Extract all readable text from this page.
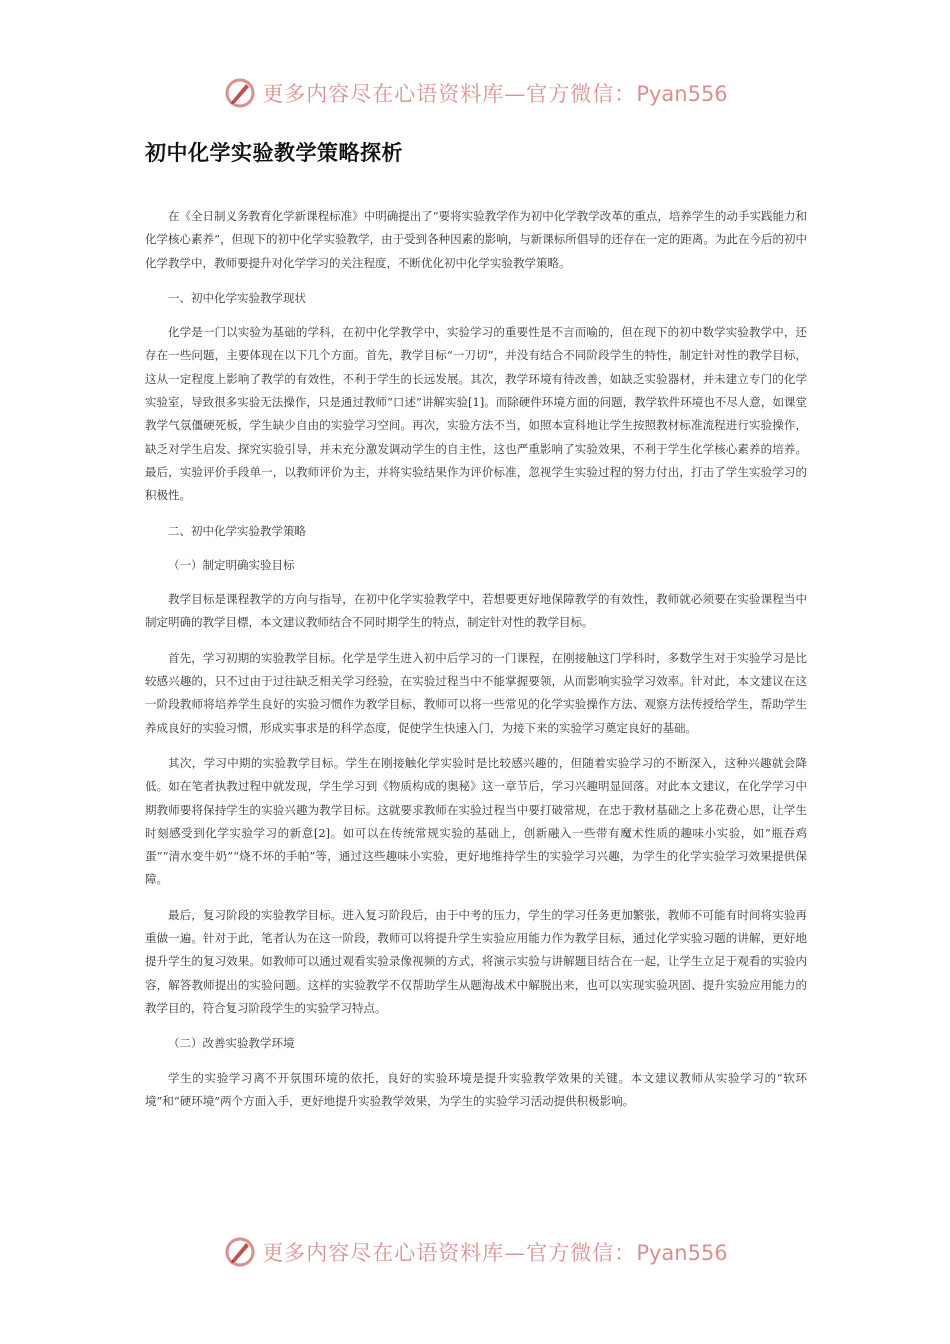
更多内容尽在心语资料库—官方微信：Pyan556
初中化学实验教学策略探析

在《全日制义务教育化学新课程标准》中明确提出了“要将实验教学作为初中化学教学改革的重点，培养学生的动手实践能力和化学核心素养”，但现下的初中化学实验教学，由于受到各种因素的影响，与新课标所倡导的还存在一定的距离。为此在今后的初中化学教学中，教师要提升对化学学习的关注程度，不断优化初中化学实验教学策略。

一、初中化学实验教学现状

化学是一门以实验为基础的学科，在初中化学教学中，实验学习的重要性是不言而喻的，但在现下的初中数学实验教学中，还存在一些问题，主要体现在以下几个方面。首先，教学目标“一刀切”，并没有结合不同阶段学生的特性，制定针对性的教学目标，这从一定程度上影响了教学的有效性，不利于学生的长远发展。其次，教学环境有待改善，如缺乏实验器材，并未建立专门的化学实验室，导致很多实验无法操作，只是通过教师“口述”讲解实验[1]。而除硬件环境方面的问题，教学软件环境也不尽人意，如课堂教学气氛僵硬死板，学生缺少自由的实验学习空间。再次，实验方法不当，如照本宣科地让学生按照教材标准流程进行实验操作，缺乏对学生启发、探究实验引导，并未充分激发调动学生的自主性，这也严重影响了实验效果，不利于学生化学核心素养的培养。最后，实验评价手段单一，以教师评价为主，并将实验结果作为评价标准，忽视学生实验过程的努力付出，打击了学生实验学习的积极性。

二、初中化学实验教学策略

（一）制定明确实验目标

教学目标是课程教学的方向与指导，在初中化学实验教学中，若想要更好地保障教学的有效性，教师就必须要在实验课程当中制定明确的教学目標，本文建议教师结合不同时期学生的特点，制定针对性的教学目标。

首先，学习初期的实验教学目标。化学是学生进入初中后学习的一门课程，在刚接触这门学科时，多数学生对于实验学习是比较感兴趣的，只不过由于过往缺乏相关学习经验，在实验过程当中不能掌握要领，从而影响实验学习效率。针对此，本文建议在这一阶段教师将培养学生良好的实验习惯作为教学目标，教师可以将一些常见的化学实验操作方法、观察方法传授给学生，帮助学生养成良好的实验习惯，形成实事求是的科学态度，促使学生快速入门，为接下来的实验学习奠定良好的基础。

其次，学习中期的实验教学目标。学生在刚接触化学实验时是比较感兴趣的，但随着实验学习的不断深入，这种兴趣就会降低。如在笔者执教过程中就发现，学生学习到《物质构成的奥秘》这一章节后，学习兴趣明显回落。对此本文建议，在化学学习中期教师要将保持学生的实验兴趣为教学目标。这就要求教师在实验过程当中要打破常规，在忠于教材基础之上多花费心思，让学生时刻感受到化学实验学习的新意[2]。如可以在传统常规实验的基础上，创新融入一些带有魔术性质的趣味小实验，如“瓶吞鸡蛋”“清水变牛奶”“烧不坏的手帕”等，通过这些趣味小实验，更好地维持学生的实验学习兴趣，为学生的化学实验学习效果提供保障。

最后，复习阶段的实验教学目标。进入复习阶段后，由于中考的压力，学生的学习任务更加繁张，教师不可能有时间将实验再重做一遍。针对于此，笔者认为在这一阶段，教师可以将提升学生实验应用能力作为教学目标，通过化学实验习题的讲解，更好地提升学生的复习效果。如教师可以通过观看实验录像视频的方式，将演示实验与讲解题目结合在一起，让学生立足于观看的实验内容，解答教师提出的实验问题。这样的实验教学不仅帮助学生从题海战术中解脱出来，也可以实现实验巩固、提升实验应用能力的教学目的，符合复习阶段学生的实验学习特点。

（二）改善实验教学环境

学生的实验学习离不开氛围环境的依托，良好的实验环境是提升实验教学效果的关键。本文建议教师从实验学习的“软环境”和“硬环境”两个方面入手，更好地提升实验教学效果，为学生的实验学习活动提供积极影响。

更多内容尽在心语资料库—官方微信：Pyan556
